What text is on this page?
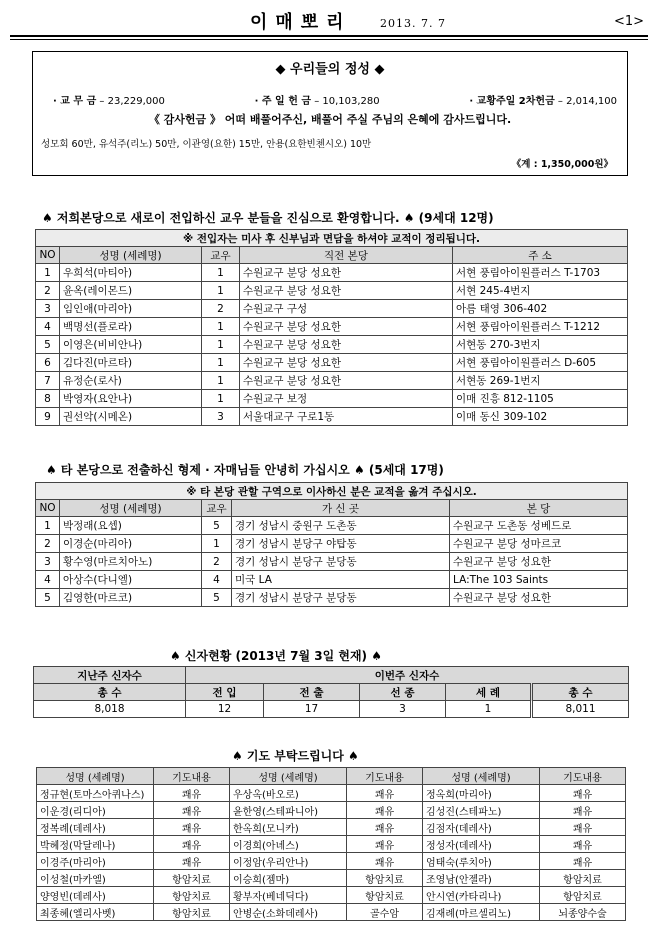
이매뽀리	2013. 7. 7	<1>
◆ 우리들의 정성 ◆
· 교 무 금 – 23,229,000	· 주 일 헌 금 – 10,103,280	· 교황주일 2차헌금 – 2,014,100
《 감사헌금 》 어떠 배풀어주신, 배풀어 주실 주님의 은혜에 감사드립니다.
성모회 60만, 유석주(리노) 50만, 이관영(요한) 15만, 안용(요한빈첸시오) 10만
《계 : 1,350,000원》
♠ 저희본당으로 새로이 전입하신 교우 분들을 진심으로 환영합니다. ♠ (9세대 12명)
※ 전입자는 미사 후 신부님과 면담을 하셔야 교적이 정리됩니다.				
NO	성명 (세례명)	교우	직전 본당	주 소
1	우희석(마티아)	1	수원교구 분당 성요한	서현 풍림아이원플러스 T-1703
2	윤옥(레이몬드)	1	수원교구 분당 성요한	서현 245-4번지
3	임인애(마리아)	2	수원교구 구성	아름 태영 306-402
4	백명선(플로라)	1	수원교구 분당 성요한	서현 풍림아이원플러스 T-1212
5	이영은(비비안나)	1	수원교구 분당 성요한	서현동 270-3번지
6	김다진(마르타)	1	수원교구 분당 성요한	서현 풍림아이원플러스 D-605
7	유정순(로사)	1	수원교구 분당 성요한	서현동 269-1번지
8	박영자(요안나)	1	수원교구 보정	이매 진흥 812-1105
9	권선악(시메온)	3	서울대교구 구로1동	이매 동신 309-102
♠ 타 본당으로 전출하신 형제 · 자매님들 안녕히 가십시오 ♠ (5세대 17명)
※ 타 본당 관할 구역으로 이사하신 분은 교적을 옮겨 주십시오.				
NO	성명 (세례명)	교우	가 신 곳	본 당
1	박정래(요셉)	5	경기 성남시 중원구 도촌동	수원교구 도촌동 성베드로
2	이경순(마리아)	1	경기 성남시 분당구 야탑동	수원교구 분당 성마르코
3	황수영(마르치아노)	2	경기 성남시 분당구 분당동	수원교구 분당 성요한
4	아상수(다니엘)	4	미국 LA	LA:The 103 Saints
5	김영한(마르코)	5	경기 성남시 분당구 분당동	수원교구 분당 성요한
♠ 신자현황 (2013년 7월 3일 현재) ♠
지난주 신자수	이번주 신자수				
총 수	전 입	전 출	선 종	세 례	총 수
8,018	12	17	3	1	8,011
♠ 기도 부탁드립니다 ♠
성명 (세례명)	기도내용	성명 (세례명)	기도내용	성명 (세례명)	기도내용
정규현(토마스아퀴나스)	쾌유	우상옥(바오로)	쾌유	정옥희(마리아)	쾌유
이운경(리디아)	쾌유	윤한영(스테파니아)	쾌유	김성진(스테파노)	쾌유
정복례(데레사)	쾌유	한옥희(모니카)	쾌유	김점자(데레사)	쾌유
박혜정(막달레나)	쾌유	이경희(아녜스)	쾌유	정성자(데레사)	쾌유
이경주(마리아)	쾌유	이정암(우리안나)	쾌유	엄태숙(루치아)	쾌유
이성철(마카엘)	항암치료	이승희(젬마)	항암치료	조영남(안젤라)	항암치료
양영빈(데레사)	항암치료	황부자(베네딕다)	항암치료	안시연(카타리나)	항암치료
최종혜(엘리사벳)	항암치료	안병순(소화데레사)	골수암	김재례(마르셀리노)	뇌종양수술
